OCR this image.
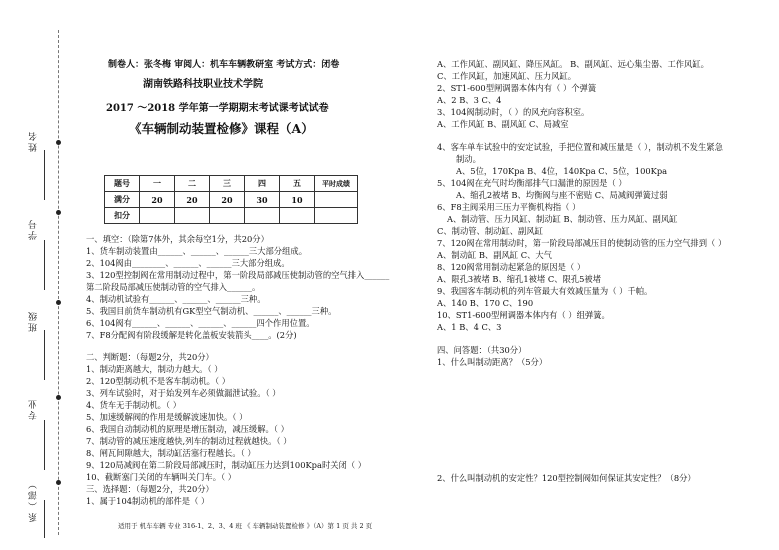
姓名
学号
班级
专业
系（部）
制卷人：张冬梅 审阅人：机车车辆教研室 考试方式：闭卷
湖南铁路科技职业技术学院
2017 ～2018 学年第一学期期末考试课考试试卷
《车辆制动装置检修》课程（A）
题号	一	二	三	四	五	平时成绩
满分	20	20	20	30	10	
扣分						
一、填空：（除第7体外，其余每空1分，共20分）
1、货车制动装置由______、______、______三大部分组成。
2、104阀由________、______、______三大部分组成。
3、120型控制阀在常用制动过程中，第一阶段局部减压使制动管的空气排入______
第二阶段局部减压使制动管的空气排入______。
4、制动机试验有______、______、______三种。
5、我国目前货车制动机有GK型空气制动机、______、______三种。
6、104阀有______、______、______、______四个作用位置。
7、F8分配阀有阶段缓解是转化盖板安装箭头____。(2分)
二、判断题：（每题2分，共20分）
1、制动距离越大，制动力越大。（ ）
2、120型制动机不是客车制动机。（ ）
3、列车试验时，对于始发列车必须做漏泄试验。（ ）
4、货车无手制动机。（ ）
5、加速缓解阀的作用是缓解波速加快。（ ）
6、我国自动制动机的原理是增压制动，减压缓解。（ ）
7、制动管的减压速度越快,列车的制动过程就越快。（ ）
8、闸瓦间隙越大，制动缸活塞行程越长。（ ）
9、120局减阀在第二阶段局部减压时，制动缸压力达到100Kpa时关闭（ ）
10、截断塞门关闭的车辆叫关门车。（ ）
三、选择题：（每题2分，共20分）
1、属于104制动机的部件是（ ）
A、工作风缸、副风缸、降压风缸。 B、副风缸、远心集尘器、工作风缸。
C、工作风缸，加速风缸、压力风缸。
2、ST1-600型闸调器本体内有（ ）个弹簧
A、2 B、3 C、4
3、104阀制动时，（ ）的风充向容积室。
A、工作风缸 B、副风缸 C、局减室
4、客车单车试验中的安定试验，手把位置和减压量是（ ），制动机不发生紧急
制动。
A、5位，170Kpa B、4位，140Kpa C、5位，100Kpa
5、104阀在充气时均衡部排气口漏泄的原因是（ ）
A、缩孔2被堵 B、均衡阀与座不密贴 C、局减阀弹簧过弱
6、F8主阀采用三压力平衡机构指（ ）
A、制动管、压力风缸、制动缸 B、制动管、压力风缸、副风缸
C、制动管、制动缸、副风缸
7、120阀在常用制动时，第一阶段局部减压目的使制动管的压力空气排到（ ）
A、制动缸 B、副风缸 C、大气
8、120阀常用制动起紧急的原因是（ ）
A、限孔3被堵 B、缩孔1被堵 C、限孔5被堵
9、我国客车制动机的列车管最大有效减压量为（ ）千帕。
A、140 B、170 C、190
10、ST1-600型闸调器本体内有（ ）组弹簧。
A、1 B、4 C、3
四、问答题：（共30分）
1、什么叫制动距离？（5分）
2、什么叫制动机的安定性？120型控制阀如何保证其安定性？（8分）
适用于 机车车辆 专业 316-1、2、3、4 班 《 车辆制动装置检修 》（A）第 1 页 共 2 页
